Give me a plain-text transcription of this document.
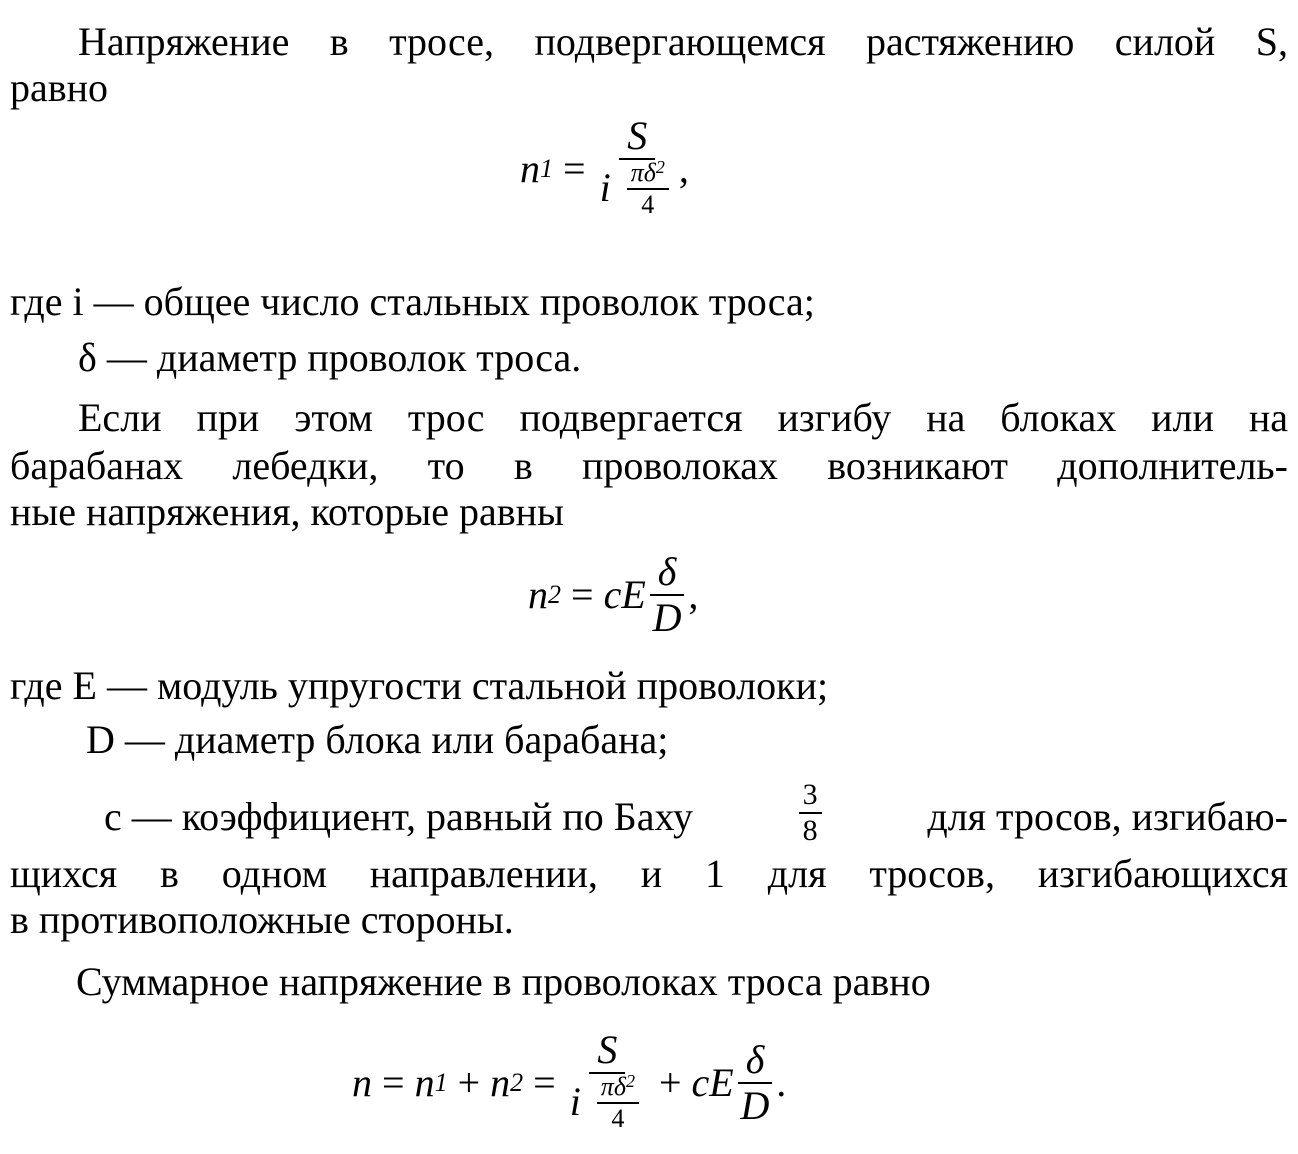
Напряжение в тросе, подвергающемся растяжению силой S,
равно
n $1 = \frac{S}{i \frac{\pi\delta^2}{4}}$ ,
где i — общее число стальных проволок троса;
δ — диаметр проволок троса.
Если при этом трос подвергается изгибу на блоках или на
барабанах лебедки, то в проволоках возникают дополнитель-
ные напряжения, которые равны
n 2 = cE $\frac{\delta}{D}$ ,
где E — модуль упругости стальной проволоки;
D — диаметр блока или барабана;
c — коэффициент, равный по Баху	$\frac{3}{8}$	для тросов, изгибаю-
щихся в одном направлении, и 1 для тросов, изгибающихся
в противоположные стороны.
Суммарное напряжение в проволоках троса равно
n = n 1 + n $2 = \frac{S}{i \frac{\pi\delta^2}{4}}$ + cE $\frac{\delta}{D}$ .
